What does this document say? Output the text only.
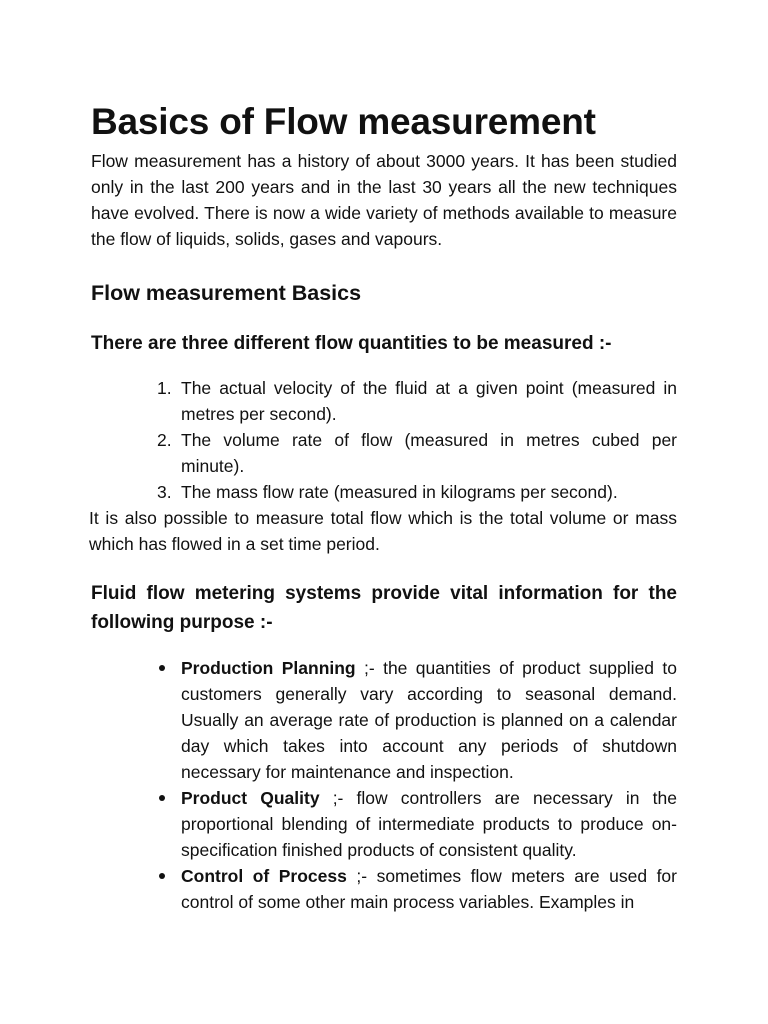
Basics of Flow measurement

Flow measurement has a history of about 3000 years. It has been studied only in the last 200 years and in the last 30 years all the new techniques have evolved. There is now a wide variety of methods available to measure the flow of liquids, solids, gases and vapours.

Flow measurement Basics
There are three different flow quantities to be measured :-
1. The actual velocity of the fluid at a given point (measured in metres per second).
2. The volume rate of flow (measured in metres cubed per minute).
3. The mass flow rate (measured in kilograms per second).

It is also possible to measure total flow which is the total volume or mass which has flowed in a set time period.

Fluid flow metering systems provide vital information for the following purpose :-
Production Planning ;- the quantities of product supplied to customers generally vary according to seasonal demand. Usually an average rate of production is planned on a calendar day which takes into account any periods of shutdown necessary for maintenance and inspection.
Product Quality ;- flow controllers are necessary in the proportional blending of intermediate products to produce on-specification finished products of consistent quality.
Control of Process ;- sometimes flow meters are used for control of some other main process variables. Examples in
